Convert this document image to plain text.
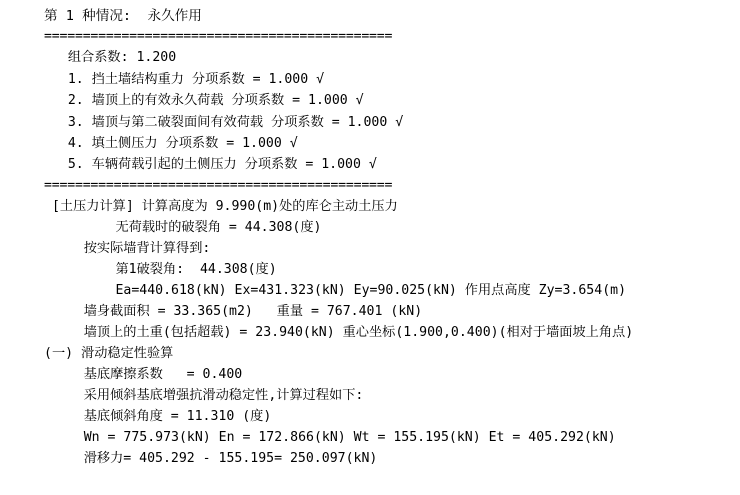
第 1 种情况:  永久作用
=============================================
组合系数: 1.200
1. 挡土墙结构重力 分项系数 = 1.000 √
2. 墙顶上的有效永久荷载 分项系数 = 1.000 √
3. 墙顶与第二破裂面间有效荷载 分项系数 = 1.000 √
4. 填土侧压力 分项系数 = 1.000 √
5. 车辆荷载引起的土侧压力 分项系数 = 1.000 √
=============================================
[土压力计算] 计算高度为 9.990(m)处的库仑主动土压力
无荷载时的破裂角 = 44.308(度)
按实际墙背计算得到:
第1破裂角:  44.308(度)
Ea=440.618(kN) Ex=431.323(kN) Ey=90.025(kN) 作用点高度 Zy=3.654(m)
墙身截面积 = 33.365(m2)   重量 = 767.401 (kN)
墙顶上的土重(包括超载) = 23.940(kN) 重心坐标(1.900,0.400)(相对于墙面坡上角点)
(一) 滑动稳定性验算
基底摩擦系数   = 0.400
采用倾斜基底增强抗滑动稳定性,计算过程如下:
基底倾斜角度 = 11.310 (度)
Wn = 775.973(kN) En = 172.866(kN) Wt = 155.195(kN) Et = 405.292(kN)
滑移力= 405.292 - 155.195= 250.097(kN)
